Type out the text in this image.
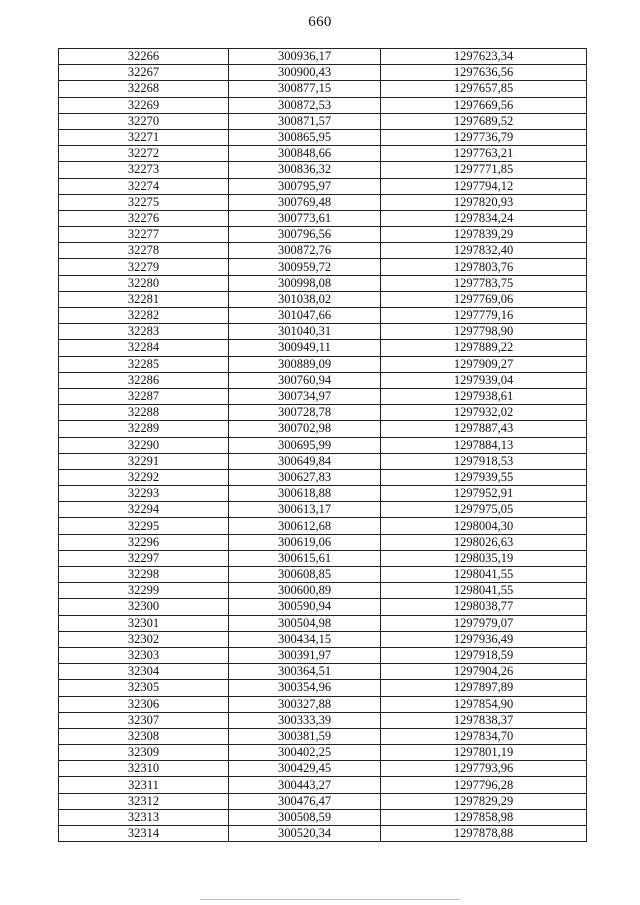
660
32266	300936,17	1297623,34
32267	300900,43	1297636,56
32268	300877,15	1297657,85
32269	300872,53	1297669,56
32270	300871,57	1297689,52
32271	300865,95	1297736,79
32272	300848,66	1297763,21
32273	300836,32	1297771,85
32274	300795,97	1297794,12
32275	300769,48	1297820,93
32276	300773,61	1297834,24
32277	300796,56	1297839,29
32278	300872,76	1297832,40
32279	300959,72	1297803,76
32280	300998,08	1297783,75
32281	301038,02	1297769,06
32282	301047,66	1297779,16
32283	301040,31	1297798,90
32284	300949,11	1297889,22
32285	300889,09	1297909,27
32286	300760,94	1297939,04
32287	300734,97	1297938,61
32288	300728,78	1297932,02
32289	300702,98	1297887,43
32290	300695,99	1297884,13
32291	300649,84	1297918,53
32292	300627,83	1297939,55
32293	300618,88	1297952,91
32294	300613,17	1297975,05
32295	300612,68	1298004,30
32296	300619,06	1298026,63
32297	300615,61	1298035,19
32298	300608,85	1298041,55
32299	300600,89	1298041,55
32300	300590,94	1298038,77
32301	300504,98	1297979,07
32302	300434,15	1297936,49
32303	300391,97	1297918,59
32304	300364,51	1297904,26
32305	300354,96	1297897,89
32306	300327,88	1297854,90
32307	300333,39	1297838,37
32308	300381,59	1297834,70
32309	300402,25	1297801,19
32310	300429,45	1297793,96
32311	300443,27	1297796,28
32312	300476,47	1297829,29
32313	300508,59	1297858,98
32314	300520,34	1297878,88
